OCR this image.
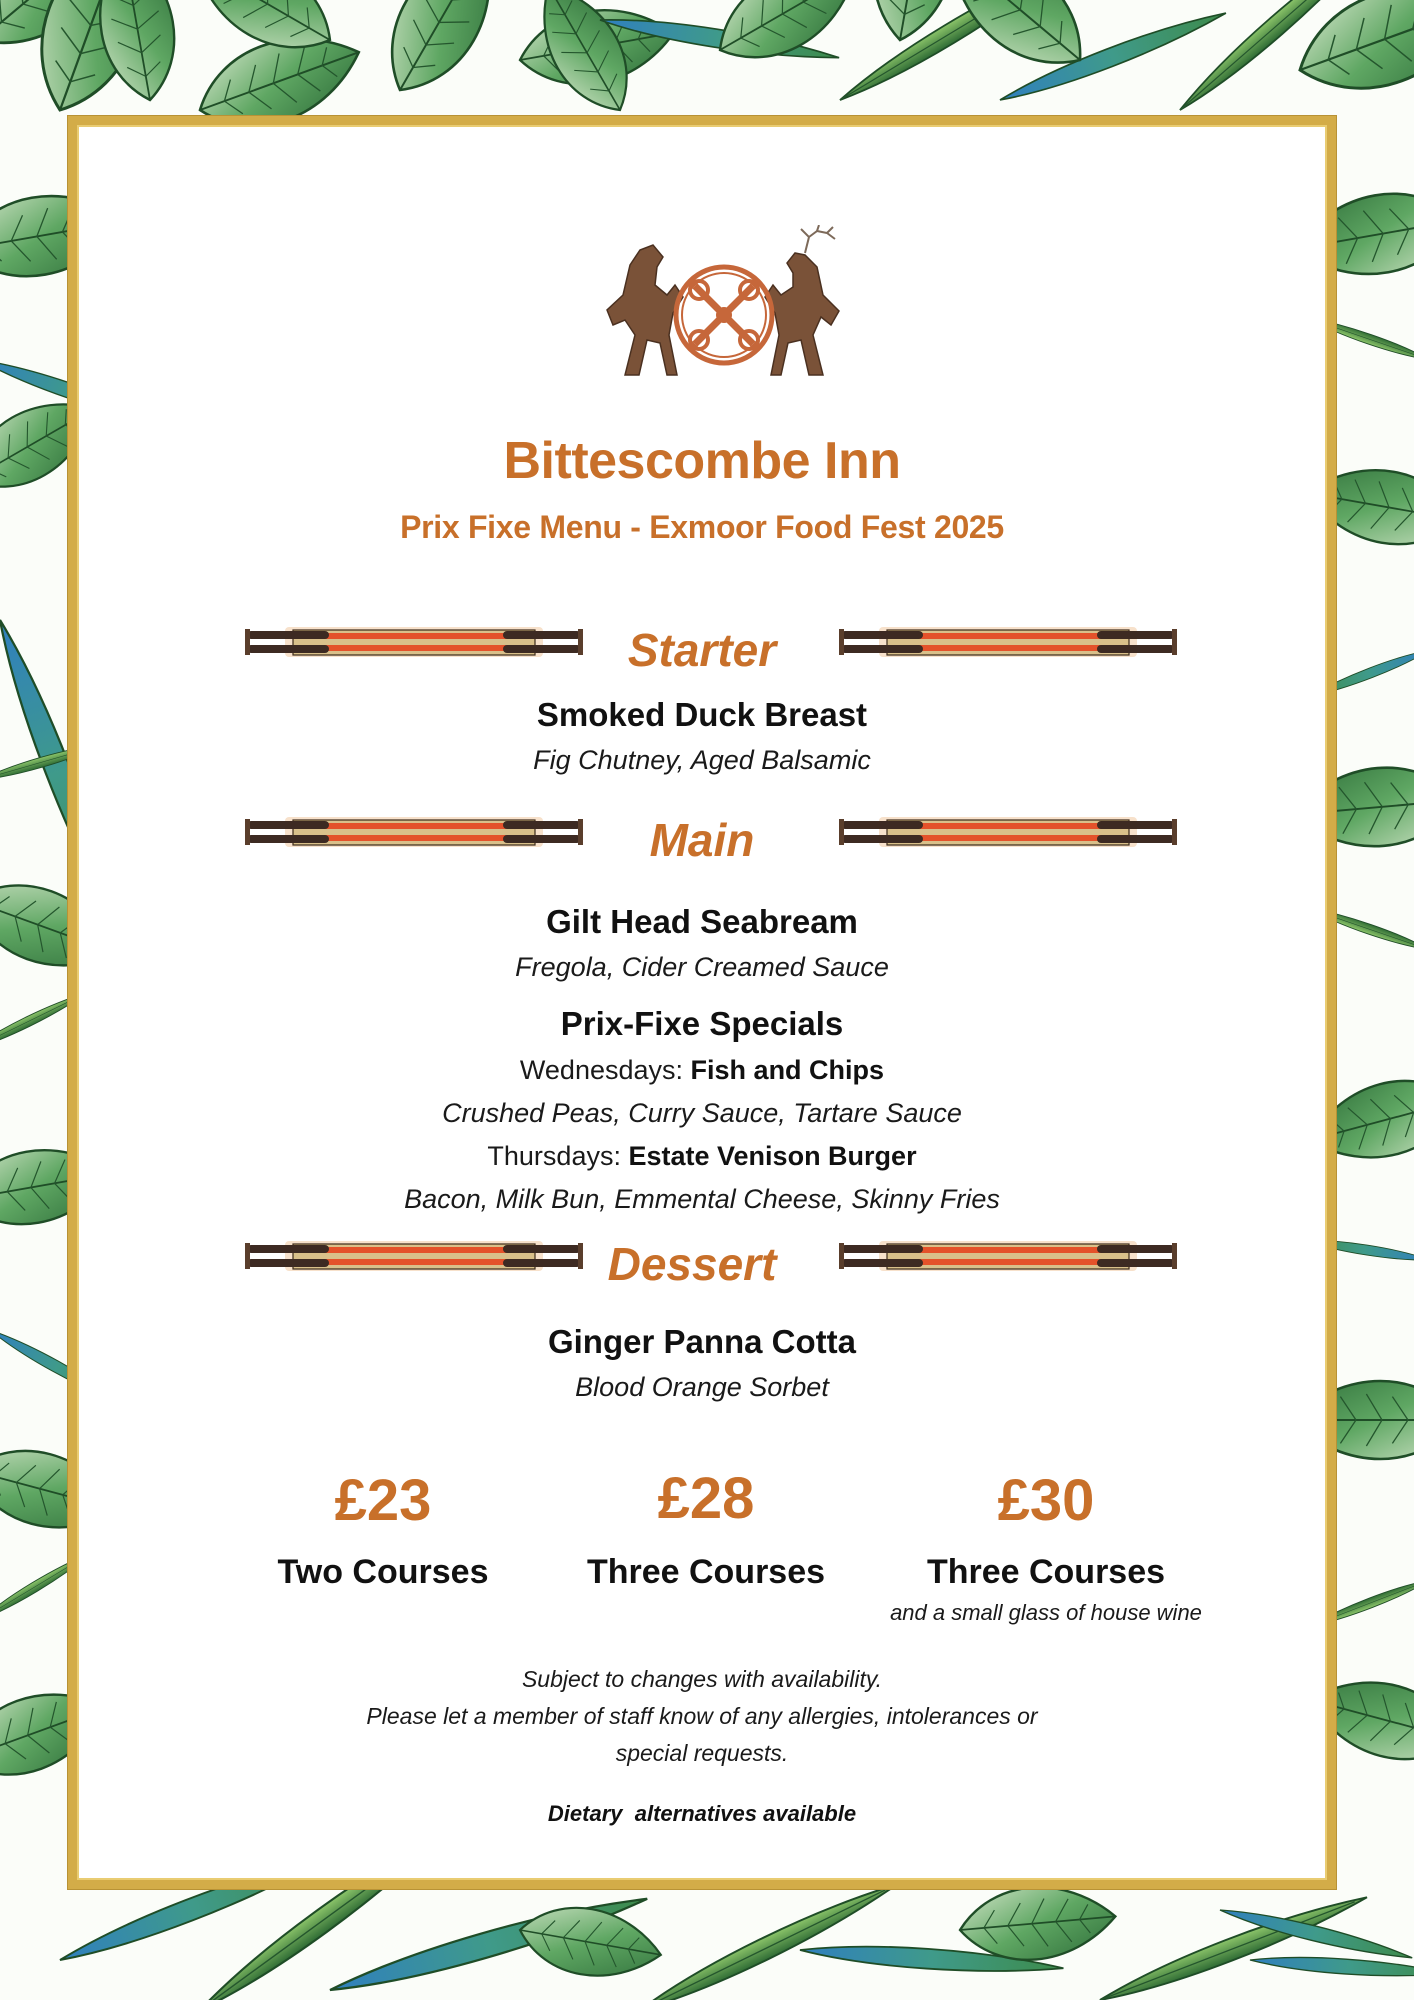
Bittescombe Inn
Prix Fixe Menu - Exmoor Food Fest 2025
Starter
Smoked Duck Breast
Fig Chutney, Aged Balsamic
Main
Gilt Head Seabream
Fregola, Cider Creamed Sauce
Prix-Fixe Specials
Wednesdays: Fish and Chips
Crushed Peas, Curry Sauce, Tartare Sauce
Thursdays: Estate Venison Burger
Bacon, Milk Bun, Emmental Cheese, Skinny Fries
Dessert
Ginger Panna Cotta
Blood Orange Sorbet
£23
Two Courses
£28
Three Courses
£30
Three Courses
and a small glass of house wine
Subject to changes with availability.
Please let a member of staff know of any allergies, intolerances or
special requests.
Dietary  alternatives available
